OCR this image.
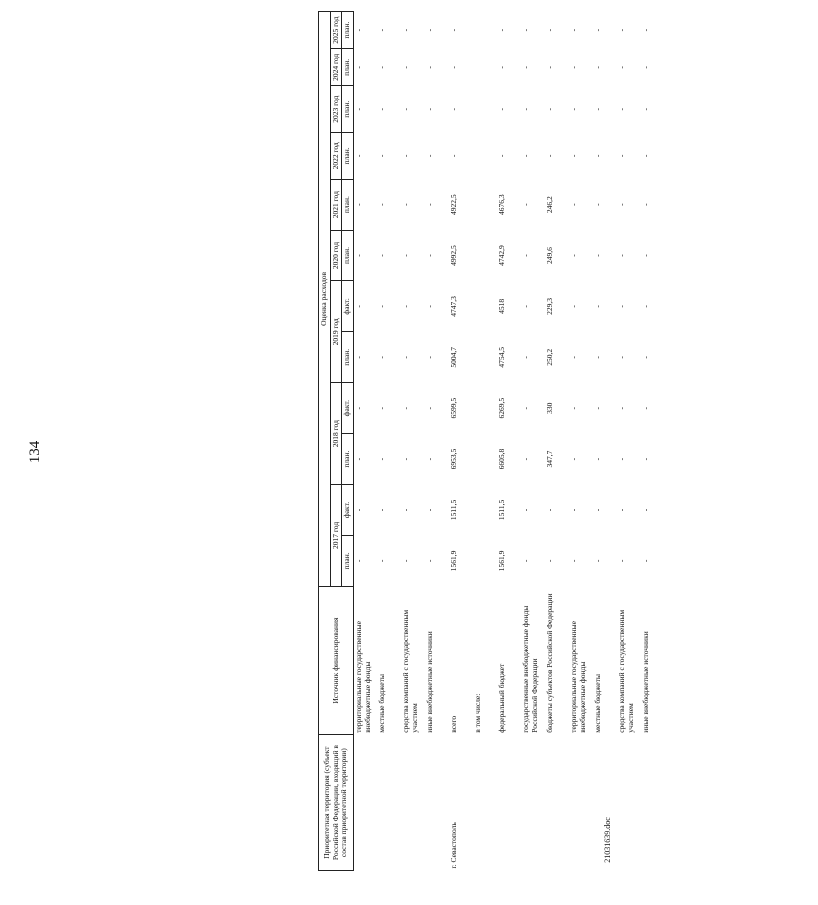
134
21031639.doc
Приоритетная территория (субъект Российской Федерации, входящий в состав приоритетной территории)	Источник финансирования	Оценка расходов											
		2017 год		2018 год		2019 год		2020 год	2021 год	2022 год	2023 год	2024 год	2025 год
		план.	факт.	план.	факт.	план.	факт.	план.	план.	план.	план.	план.	план.
	территориальные государственные внебюджетные фонды	-	-	-	-	-	-	-	-	-	-	-	-
	местные бюджеты	-	-	-	-	-	-	-	-	-	-	-	-
	средства компаний с государственным участием	-	-	-	-	-	-	-	-	-	-	-	-
	иные внебюджетные источники	-	-	-	-	-	-	-	-	-	-	-	-
г. Севастополь	всего	1561,9	1511,5	6953,5	6599,5	5004,7	4747,3	4992,5	4922,5	-	-	-	-
	в том числе:												
	федеральный бюджет	1561,9	1511,5	6605,8	6269,5	4754,5	4518	4742,9	4676,3	-	-	-	-
	государственные внебюджетные фонды Российской Федерации	-	-	-	-	-	-	-	-	-	-	-	-
	бюджеты субъектов Российской Федерации	-	-	347,7	330	250,2	229,3	249,6	246,2	-	-	-	-
	территориальные государственные внебюджетные фонды	-	-	-	-	-	-	-	-	-	-	-	-
	местные бюджеты	-	-	-	-	-	-	-	-	-	-	-	-
	средства компаний с государственным участием	-	-	-	-	-	-	-	-	-	-	-	-
	иные внебюджетные источники	-	-	-	-	-	-	-	-	-	-	-	-
